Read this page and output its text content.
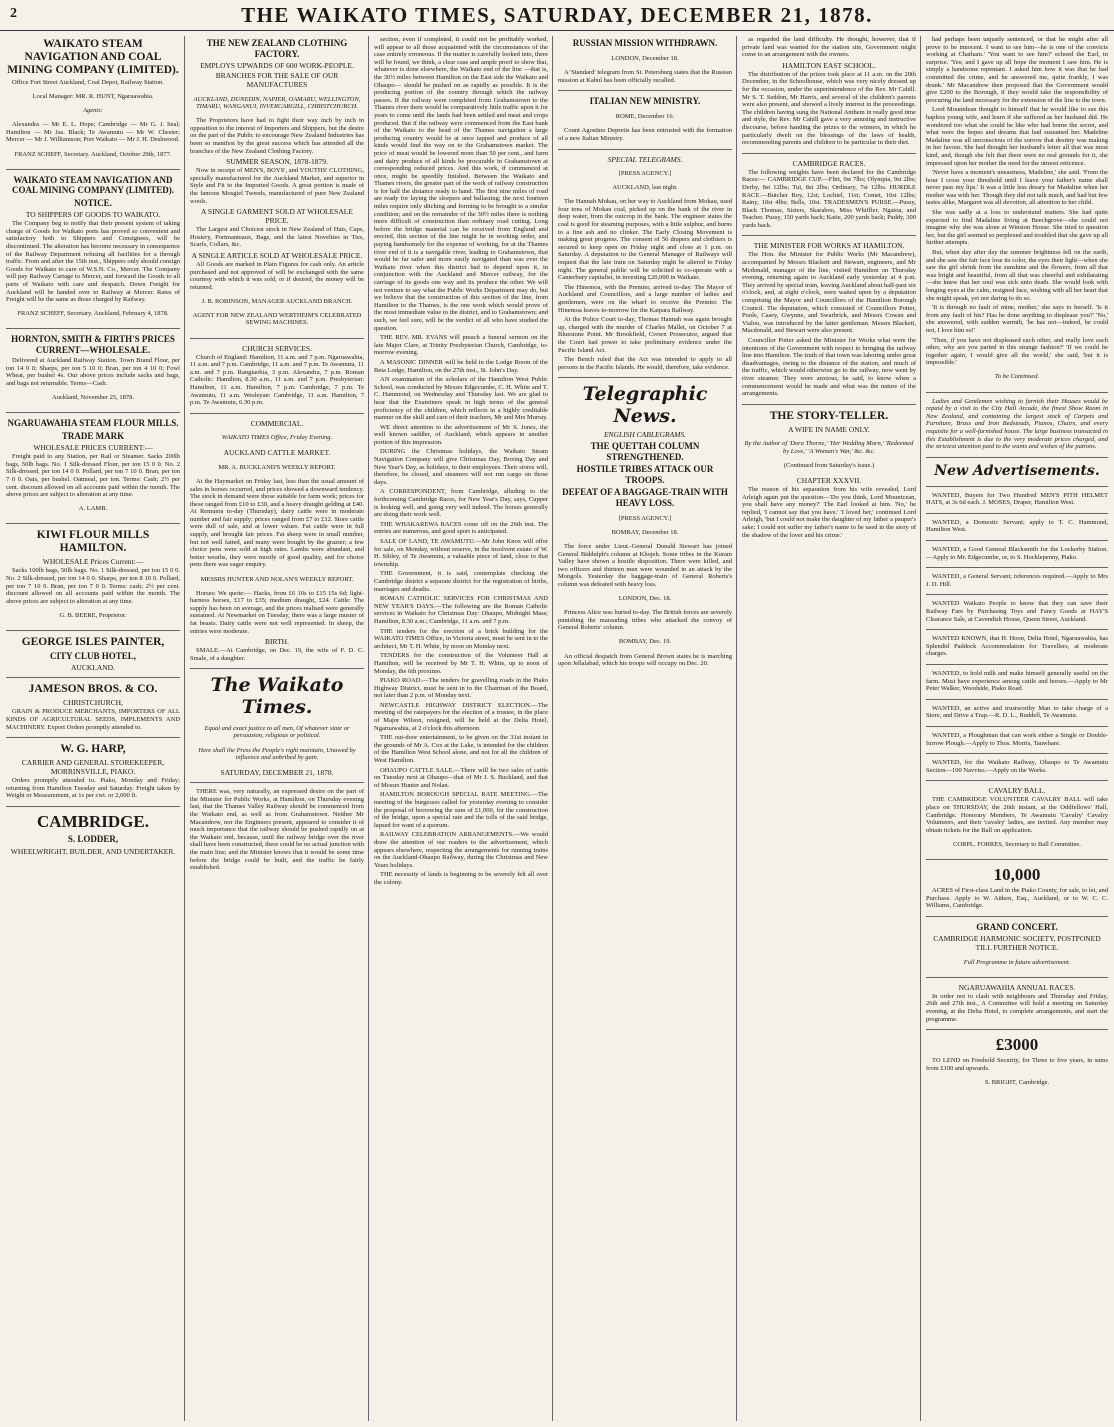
2	THE WAIKATO TIMES, SATURDAY, DECEMBER 21, 1878.
WAIKATO STEAM NAVIGATION AND COAL MINING COMPANY (LIMITED).

Office Fort Street Auckland, Coal Depot, Railway Station.

Local Manager: MR. R. HUNT, Ngaruawahia.

Agents:

Alexandra — Mr E. L. Hope; Cambridge — Mr G. J. Seal; Hamilton — Mr Jas. Black; Te Awamutu — Mr W. Chester; Mercer — Mr J. Williamson; Port Waikato — Mr J. H. Deshwood.

FRANZ SCHEFF, Secretary. Auckland, October 29th, 1877.

WAIKATO STEAM NAVIGATION AND COAL MINING COMPANY (LIMITED).
NOTICE.
TO SHIPPERS OF GOODS TO WAIKATO.

The Company beg to notify that their present system of taking charge of Goods for Waikato ports has proved so convenient and satisfactory both to Shippers and Consignees, will be discontinued. The alteration has become necessary in consequence of the Railway Department refusing all facilities for a through traffic. From and after the 15th inst., Shippers only should consign Goods for Waikato to care of W.S.N. Co., Mercer. The Company will pay Railway Cartage to Mercer, and forward the Goods to all parts of Waikato with care and despatch. Down Freight for Auckland will be handed over to Railway at Mercer. Rates of Freight will be the same as those charged by Railway.

FRANZ SCHEFF, Secretary. Auckland, February 4, 1878.

HORNTON, SMITH & FIRTH'S PRICES CURRENT—WHOLESALE.

Delivered at Auckland Railway Station. Town Brand Flour, per ton 14 0 0; Sharps, per ton 5 10 0; Bran, per ton 4 10 0; Fowl Wheat, per bushel 4s. Our above prices include sacks and bags, and bags not returnable. Terms—Cash.

Auckland, November 25, 1878.

NGARUAWAHIA STEAM FLOUR MILLS.
TRADE MARK
WHOLESALE PRICES CURRENT:—

Freight paid to any Station, per Rail or Steamer. Sacks 200lb bags, 50lb bags. No. 1 Silk-dressed Flour, per ton 15 0 0. No. 2 Silk-dressed, per ton 14 0 0. Pollard, per ton 7 10 0. Bran, per ton 7 0 0. Oats, per bushel. Oatmeal, per ton. Terms: Cash; 2½ per cent. discount allowed on all accounts paid within the month. The above prices are subject to alteration at any time.

A. LAMB.

KIWI FLOUR MILLS HAMILTON.
WHOLESALE Prices Current:—

Sacks 100lb bags, 50lb bags. No. 1 Silk-dressed, per ton 15 0 0. No. 2 Silk-dressed, per ton 14 0 0. Sharps, per ton 8 10 0. Pollard, per ton 7 10 0. Bran, per ton 7 0 0. Terms: cash; 2½ per cent. discount allowed on all accounts paid within the month. The above prices are subject to alteration at any time.

G. B. BEERE, Proprietor.

GEORGE ISLES PAINTER,
CITY CLUB HOTEL,
AUCKLAND.
JAMESON BROS. & CO.
CHRISTCHURCH,

GRAIN & PRODUCE MERCHANTS, IMPORTERS OF ALL KINDS OF AGRICULTURAL SEEDS, IMPLEMENTS AND MACHINERY. Export Orders promptly attended to.

W. G. HARP,
CARRIER AND GENERAL STOREKEEPER, MORRINSVILLE, PIAKO.

Orders promptly attended to. Piako, Monday and Friday; returning from Hamilton Tuesday and Saturday. Freight taken by Weight or Measurement, at 1s per cwt. or 2,000 ft.

CAMBRIDGE.
S. LODDER,
WHEELWRIGHT, BUILDER, AND UNDERTAKER.
THE NEW ZEALAND CLOTHING FACTORY.
EMPLOYS UPWARDS OF 600 WORK-PEOPLE.
BRANCHES FOR THE SALE OF OUR MANUFACTURES

AUCKLAND, DUNEDIN, NAPIER, OAMARU, WELLINGTON, TIMARU, WANGANUI, INVERCARGILL, CHRISTCHURCH.

The Proprietors have had to fight their way inch by inch in opposition to the interest of Importers and Shippers, but the desire on the part of the Public to encourage New Zealand Industries has been so manifest by the great success which has attended all the branches of the New Zealand Clothing Factory.

SUMMER SEASON, 1878-1879.

Now in receipt of MEN'S, BOYS', and YOUTHS' CLOTHING, specially manufactured for the Auckland Market, and superior in Style and Fit to the Imported Goods. A great portion is made of the famous Mosgiel Tweeds, manufactured of pure New Zealand wools.

A SINGLE GARMENT SOLD AT WHOLESALE PRICE.

The Largest and Choicest stock in New Zealand of Hats, Caps, Hosiery, Portmanteaux, Bags, and the latest Novelties in Ties, Scarfs, Collars, &c.

A SINGLE ARTICLE SOLD AT WHOLESALE PRICE.

All Goods are marked in Plain Figures for cash only. An article purchased and not approved of will be exchanged with the same courtesy with which it was sold, or if desired, the money will be returned.

J. B. ROBINSON, MANAGER AUCKLAND BRANCH.

AGENT FOR NEW ZEALAND WERTHEIM'S CELEBRATED SEWING MACHINES.

CHURCH SERVICES.

Church of England: Hamilton, 11 a.m. and 7 p.m. Ngaruawahia, 11 a.m. and 7 p.m. Cambridge, 11 a.m. and 7 p.m. Te Awamutu, 11 a.m. and 7 p.m. Rangiaohia, 3 p.m. Alexandra, 7 p.m. Roman Catholic: Hamilton, 8.30 a.m., 11 a.m. and 7 p.m. Presbyterian: Hamilton, 11 a.m. Hamilton, 7 p.m. Cambridge, 7 p.m. Te Awamutu, 11 a.m. Wesleyan: Cambridge, 11 a.m. Hamilton, 7 p.m. Te Awamutu, 6.30 p.m.

COMMERCIAL.

WAIKATO TIMES Office, Friday Evening.

AUCKLAND CATTLE MARKET.

MR. A. BUCKLAND'S WEEKLY REPORT.

At the Haymarket on Friday last, less than the usual amount of sales in horses occurred, and prices showed a downward tendency. The stock in demand were those suitable for farm work; prices for these ranged from £10 to £30, and a heavy draught gelding at £40. At Remuera to-day (Thursday), dairy cattle were in moderate number and fair supply; prices ranged from £7 to £12. Store cattle were dull of sale, and at lower values. Fat cattle were in full supply, and brought fair prices. Fat sheep were in small number, but not well fatted, and many were bought by the grazier; a few choice pens were sold at high rates. Lambs were abundant, and better weaths, they were mostly of good quality, and for choice pens there was eager enquiry.

MESSRS HUNTER AND NOLAN'S WEEKLY REPORT.

Horses: We quote:— Hacks, from £6 10s to £15 15s 6d; light-harness horses, £17 to £35; medium draught, £24. Cattle: The supply has been on average, and the prices realised were generally sustained. At Newmarket on Tuesday, there was a large muster of fat beasts. Dairy cattle were not well represented. In sheep, the entries were moderate.

BIRTH.

SMALE.—At Cambridge, on Dec. 19, the wife of F. D. C. Smale, of a daughter.

The Waikato Times.

Equal and exact justice to all men, Of whatever state or persuasion, religious or political.

Here shall the Press the People's right maintain, Unawed by influence and unbribed by gain.

SATURDAY, DECEMBER 21, 1878.

THERE was, very naturally, an expressed desire on the part of the Minister for Public Works, at Hamilton, on Thursday evening last, that the Thames Valley Railway should be commenced from the Waikato end, as well as from Grahamstown. Neither Mr Macandrew, nor the Engineers present, appeared to consider it of much importance that the railway should be pushed rapidly on at the Waikato end, because, until the railway bridge over the river shall have been constructed, there could be no actual junction with the main line; and the Minister knows that it would be some time before the bridge could be built, and the traffic be fairly established.

section, even if completed, it could not be profitably worked, will appear to all those acquainted with the circumstances of the case entirely erroneous. If the matter is carefully looked into, there will be found, we think, a clear case and ample proof to show that, whatever is done elsewhere, the Waikato end of the line —that is, the 30½ miles between Hamilton on the East side the Waikato and Ohaupo— should be pushed on as rapidly as possible. It is the producing portion of the country through which the railway passes. If the railway were completed from Grahamstown to the Thames river there would be comparatively little traffic upon it for years to come until the lands had been settled and meat and crops produced. But if the railway were commenced from the East bank of the Waikato to the head of the Thames navigation a large producing country would be at once tapped and produce of all kinds would find the way on to the Grahamstown market. The price of meat would be lowered more than 50 per cent., and farm and dairy produce of all kinds be procurable in Grahamstown at corresponding reduced prices. And this work, if commenced at once, might be speedily finished. Between the Waikato and Thames rivers, the greater part of the work of railway construction is for half the distance ready to hand. The first nine miles of road are ready for laying the sleepers and ballasting; the next fourteen miles require only ditching and forming to be brought to a similar condition; and on the remainder of the 30½ miles there is nothing more difficult of construction than ordinary road cutting. Long before the bridge material can be received from England and erected, this section of the line might be in working order, and paying handsomely for the expense of working, for at the Thames river end of it is a navigable river, leading to Grahamstown, that would be far safer and more easily navigated than was ever the Waikato river when this district had to depend upon it, in conjunction with the Auckland and Mercer railway, for the carriage of its goods one way and its produce the other. We will not venture to say what the Public Works Department may do, but we believe that the construction of this section of the line, from Hamilton to the Thames, is the one work which would prove of the most immediate value to the district, and to Grahamstown; and such, we feel sure, will be the verdict of all who have studied the question.

THE REV. MR. EVANS will preach a funeral sermon on the late Major Clare, at Trinity Presbyterian Church, Cambridge, to-morrow evening.

A MASONIC DINNER will be held in the Lodge Room of the Beta Lodge, Hamilton, on the 27th inst., St. John's Day.

AN examination of the scholars of the Hamilton West Public School, was conducted by Messrs Edgecumbe, C. H. White and T. C. Hammond, on Wednesday and Thursday last. We are glad to hear that the Examiners speak in high terms of the general proficiency of the children, which reflects in a highly creditable manner on the skill and care of their teachers, Mr and Mrs Murray.

WE direct attention to the advertisement of Mr S. Jones, the well known saddler, of Auckland, which appears in another portion of this impression.

DURING the Christmas holidays, the Waikato Steam Navigation Company will give Christmas Day, Boxing Day and New Year's Day, as holidays, to their employees. Their stores will, therefore, be closed, and steamers will not run cargo on those days.

A CORRESPONDENT, from Cambridge, alluding to the forthcoming Cambridge Races, for New Year's Day, says, Cupper is looking well, and going very well indeed. The horses generally are doing their work well.

THE WHAKAREWA RACES come off on the 26th inst. The entries are numerous, and good sport is anticipated.

SALE OF LAND, TE AWAMUTU.—Mr John Knox will offer for sale, on Monday, without reserve, in the insolvent estate of W. H. Sibley, of Te Awamutu, a valuable piece of land, close to that township.

THE Government, it is said, contemplate checking the Cambridge district a separate district for the registration of births, marriages and deaths.

ROMAN CATHOLIC SERVICES FOR CHRISTMAS AND NEW YEAR'S DAYS.—The following are the Roman Catholic services in Waikato for Christmas Day: Ohaupo, Midnight Mass; Hamilton, 8.30 a.m.; Cambridge, 11 a.m. and 7 p.m.

THE tenders for the erection of a brick building for the WAIKATO TIMES Office, in Victoria street, must be sent in to the architect, Mr T. H. White, by noon on Monday next.

TENDERS for the construction of the Volunteer Hall at Hamilton, will be received by Mr T. H. White, up to noon of Monday, the 6th proximo.

PIAKO ROAD.—The tenders for gravelling roads in the Piako Highway District, must be sent in to the Chairman of the Board, not later than 2 p.m. of Monday next.

NEWCASTLE HIGHWAY DISTRICT ELECTION.—The meeting of the ratepayers for the election of a trustee, in the place of Major Wilson, resigned, will be held at the Delta Hotel, Ngaruawahia, at 2 o'clock this afternoon.

THE out-door entertainment, to be given on the 31st instant in the grounds of Mr A. Cox at the Lake, is intended for the children of the Hamilton West School alone, and not for all the children of West Hamilton.

OHAUPO CATTLE SALE.—There will be two sales of cattle on Tuesday next at Ohaupo—that of Mr J. S. Buckland, and that of Messrs Hunter and Nolan.

HAMILTON BOROUGH SPECIAL RATE MEETING.—The meeting of the burgesses called for yesterday evening to consider the proposal of borrowing the sum of £1,000, for the construction of the bridge, upon a special rate and the tolls of the said bridge, lapsed for want of a quorum.

RAILWAY CELEBRATION ARRANGEMENTS.—We would draw the attention of our readers to the advertisement, which appears elsewhere, respecting the arrangements for running trains on the Auckland-Ohaupo Railway, during the Christmas and New Years holidays.

THE necessity of lands is beginning to be severely felt all over the colony.

RUSSIAN MISSION WITHDRAWN.

LONDON, December 18.

A 'Standard' telegram from St. Petersburg states that the Russian mission at Kabul has been officially recalled.

ITALIAN NEW MINISTRY.

ROME, December 16.

Count Agostino Depretis has been entrusted with the formation of a new Italian Ministry.

SPECIAL TELEGRAMS.

[PRESS AGENCY.]

AUCKLAND, last night.

The Hannah Mokau, on her way to Auckland from Mokau, used four tons of Mokau coal, picked up on the bank of the river in deep water, from the outcrop in the bank. The engineer states the coal is good for steaming purposes, with a little sulphur, and burns to a fine ash and no clinker. The Early Closing Movement is making great progress. The consent of 56 drapers and clothiers is secured to keep open on Friday night and close at 1 p.m. on Saturday. A deputation to the General Manager of Railways will request that the late train on Saturday night be altered to Friday night. The general public will be solicited to co-operate with a Canterbury capitalist, in investing £20,000 in Waikato.

The Hinemoa, with the Premier, arrived to-day. The Mayor of Auckland and Councillors, and a large number of ladies and gentlemen, were on the wharf to receive the Premier. The Hinemoa leaves to-morrow for the Kaipara Railway.

At the Police Court to-day, Thomas Hannah was again brought up, charged with the murder of Charles Mallet, on October 7 at Bluestone Point. Mr Brookfield, Crown Prosecutor, argued that the Court had power to take preliminary evidence under the Pacific Island Act.

The Bench ruled that the Act was intended to apply to all persons in the Pacific Islands. He would, therefore, take evidence.

Telegraphic News.
ENGLISH CABLEGRAMS.
THE QUETTAH COLUMN STRENGTHENED.
HOSTILE TRIBES ATTACK OUR TROOPS.
DEFEAT OF A BAGGAGE-TRAIN WITH HEAVY LOSS.

[PRESS AGENCY.]

BOMBAY, December 18.

The force under Lieut.-General Donald Stewart has joined General Biddulph's column at Khojeh. Some tribes in the Kuram Valley have shown a hostile disposition. There were killed, and two officers and thirteen men were wounded in an attack by the Mongols. Yesterday the baggage-train of General Roberts's column was defeated with heavy loss.

LONDON, Dec. 18.

Princess Alice was buried to-day. The British forces are severely punishing the marauding tribes who attacked the convoy of General Roberts' column.

BOMBAY, Dec. 19.

An official despatch from General Brown states he is marching upon Jellalabad, which his troops will occupy on Dec. 20.

as regarded the land difficulty. He thought, however, that if private land was wanted for the station site, Government might come to an arrangement with the owners.

HAMILTON EAST SCHOOL.

The distribution of the prizes took place at 11 a.m. on the 20th December, in the Schoolhouse, which was very nicely dressed up for the occasion, under the superintendence of the Rev. Mr Cahill. Mr S. T. Seddon, Mr Harris, and several of the children's parents were also present, and showed a lively interest in the proceedings. The children having sung the National Anthem in really good time and style, the Rev. Mr Cahill gave a very amusing and instructive discourse, before handing the prizes to the winners, in which he particularly dwelt on the blessings of the laws of health, recommending parents and children to be particular in their diet.

CAMBRIDGE RACES.

The following weights have been declared for the Cambridge Races:— CAMBRIDGE CUP.—Flirt, 9st 7lbs; Olympia, 9st 2lbs; Derby, 8st 12lbs; Tui, 8st 2lbs; Ordinary, 7st 12lbs. HURDLE RACE.—Butcher Boy, 12st; Lochiel, 11st; Comet, 10st 12lbs; Rainy, 10st 4lbs; Bells, 10st. TRADESMEN'S PURSE.—Pussy, Black Thomas, Sisters, Skaraboo, Miss Whiffler, Ngatoa, and Teacher. Pussy, 150 yards back; Katie, 200 yards back; Paddy, 300 yards back.

THE MINISTER FOR WORKS AT HAMILTON.

The Hon. the Minister for Public Works (Mr Macandrew), accompanied by Messrs Blackett and Stewart, engineers, and Mr Mcdonald, manager of the line, visited Hamilton on Thursday evening, returning again to Auckland early yesterday at 4 p.m. They arrived by special train, leaving Auckland about half-past six o'clock, and, at eight o'clock, were waited upon by a deputation comprising the Mayor and Councillors of the Hamilton Borough Council. The deputation, which consisted of Councillors Potter, Poole, Casey, Gwynne, and Swarbrick, and Messrs Cowan and Vialou, was introduced by the latter gentleman. Messrs Blackett, Macdonald, and Stewart were also present.

Councillor Potter asked the Minister for Works what were the intentions of the Government with respect to bringing the railway line into Hamilton. The truth of that town was laboring under great disadvantages, owing to the distance of the station, and much of the traffic, which would otherwise go to the railway, now went by river steamer. They were anxious, he said, to know when a commencement would be made and what was the nature of the arrangements.

THE STORY-TELLER.
A WIFE IN NAME ONLY.

By the Author of 'Dora Thorne,' 'Her Wedding Morn,' 'Redeemed by Love,' 'A Woman's War,' &c. &c.

(Continued from Saturday's issue.)

CHAPTER XXXVII.

The reason of his separation from his wife revealed, Lord Arleigh again put the question—'Do you think, Lord Mountcean, you shall have any money?' The Earl looked at him. 'No,' he replied, 'I cannot say that you have.' 'I loved her,' continued Lord Arleigh, 'but I could not make the daughter of my father a pauper's sake; I could not suffer my father's name to be used in the story of the shadow of the lover and his crime.'

had perhaps been unjustly sentenced, or that he might after all prove to be innocent. I want to see him—he is one of the convicts working at Chatham.' 'You want to see him?' echoed the Earl, in surprise. 'Yes; and I gave up all hope the moment I saw him. He is simply a handsome repentant. I asked him how it was that he had committed the crime, and he answered me, quite frankly, I was drunk.' Mr Macandrew then proposed that the Government would give £200 to the Borough, if they would take the responsibility of procuring the land necessary for the extension of the line to the town.

Lord Mountdean thought to himself that he would like to see this hapless young wife, and learn if she suffered as her husband did. He wondered too what she could be like who had borne the secret, and what were the hopes and dreams that had sustained her. Madeline Madaline was all unconscious of the sorrow that destiny was making in her favour. She had thought her husband's letter all that was most kind, and, though she felt that there were no real grounds for it, she impressed upon her mother the need for the utmost reticence.

'Never have a moment's uneasiness, Madeline,' she said. 'From the hour I cross your threshold until I leave your father's name shall never pass my lips.' It was a little less dreary for Madaline when her mother was with her. Though they did not talk much, and had but few tastes alike, Margaret was all devotion, all attention to her child.

She was sadly at a loss to understand matters. She had quite expected to find Madaline living at Beechgrove—she could not imagine why she was alone at Winston House. She tried to question her, but the girl seemed so perplexed and troubled that she gave up all further attempts.

But, when day after day the summer brightness fell on the earth, and she saw the fair face lose its color, the eyes their light—when she saw the girl shrink from the sunshine and the flowers, from all that was bright and beautiful, from all that was cheerful and exhilarating—she knew that her soul was sick unto death. She would look with longing eyes at the calm, resigned face, wishing with all her heart that she might speak, yet not daring to do so.

'It is through no fault of mine, mother,' she says to herself. 'Is it from any fault of his? Has he done anything to displease you?' 'No,' she answered, with sudden warmth, 'he has not—indeed, he could not, I love him so!'

'Then, if you have not displeased each other, and really love each other, why are you parted in this strange fashion?' 'If we could be together again, I would give all the world,' she said, 'but it is impossible.'

To be Continued.

Ladies and Gentlemen wishing to furnish their Houses would be repaid by a visit to the City Hall Arcade, the finest Show Room in New Zealand, and containing the largest stock of Carpets and Furniture, Brass and Iron Bedsteads, Pianos, Chairs, and every requisite for a well-furnished house. The large business transacted in this Establishment is due to the very moderate prices charged, and the strictest attention paid to the wants and wishes of the patrons.

New Advertisements.

WANTED, Buyers for Two Hundred MEN'S PITH HELMET HATS, at 3s 6d each. J. MOSES, Draper, Hamilton West.

WANTED, a Domestic Servant; apply to T. C. Hammond, Hamilton West.

WANTED, a Good General Blacksmith for the Lockerby Station.—Apply to Mr. Edgecumbe, or, to S. Hocklepenny, Piako.

WANTED, a General Servant; references required.—Apply to Mrs J. D. Hill.

WANTED Waikato People to know that they can save their Railway Fare by Purchasing Toys and Fancy Goods at HAY'S Clearance Sale, at Cavendish House, Queen Street, Auckland.

WANTED KNOWN, that H. Hoon, Delta Hotel, Ngaruawahia, has Splendid Paddock Accommodation for Travellers, at moderate charges.

WANTED, to hold milk and make himself generally useful on the farm. Must have experience among cattle and horses.—Apply to Mr Peter Walker, Woodside, Piako Road.

WANTED, an active and trustworthy Man to take charge of a Store, and Drive a Trap.—R. D. L., Ruddell, Te Awamutu.

WANTED, a Ploughman that can work either a Single or Double-furrow Plough.—Apply to Thos. Morris, Tauwhare.

WANTED, for the Waikato Railway, Ohaupo to Te Awamutu Section—100 Navvies.—Apply on the Works.

CAVALRY BALL.

THE CAMBRIDGE VOLUNTEER CAVALRY BALL will take place on THURSDAY, the 26th instant, at the Oddfellows' Hall, Cambridge. Honorary Members, Te Awamutu 'Cavalry' Cavalry Volunteers, and their 'cavalry' ladies, are invited. Any member may obtain tickets for the Ball on application.

CORPL. FORRES, Secretary to Ball Committee.

10,000

ACRES of First-class Land in the Piako County, for sale, to let, and Purchase. Apply to W. Aitken, Esq., Auckland, or to W. C. C. Williams, Cambridge.

GRAND CONCERT.
CAMBRIDGE HARMONIC SOCIETY, POSTPONED TILL FURTHER NOTICE.

Full Programme in future advertisement.

NGARUAWAHIA ANNUAL RACES.

In order not to clash with neighbours and Thursday and Friday, 26th and 27th inst., A Committee will hold a meeting on Saturday evening, at the Delta Hotel, to complete arrangements, and start the programme.

£3000

TO LEND on Freehold Security, for Three to five years, in sums from £100 and upwards.

S. BRIGHT, Cambridge.
